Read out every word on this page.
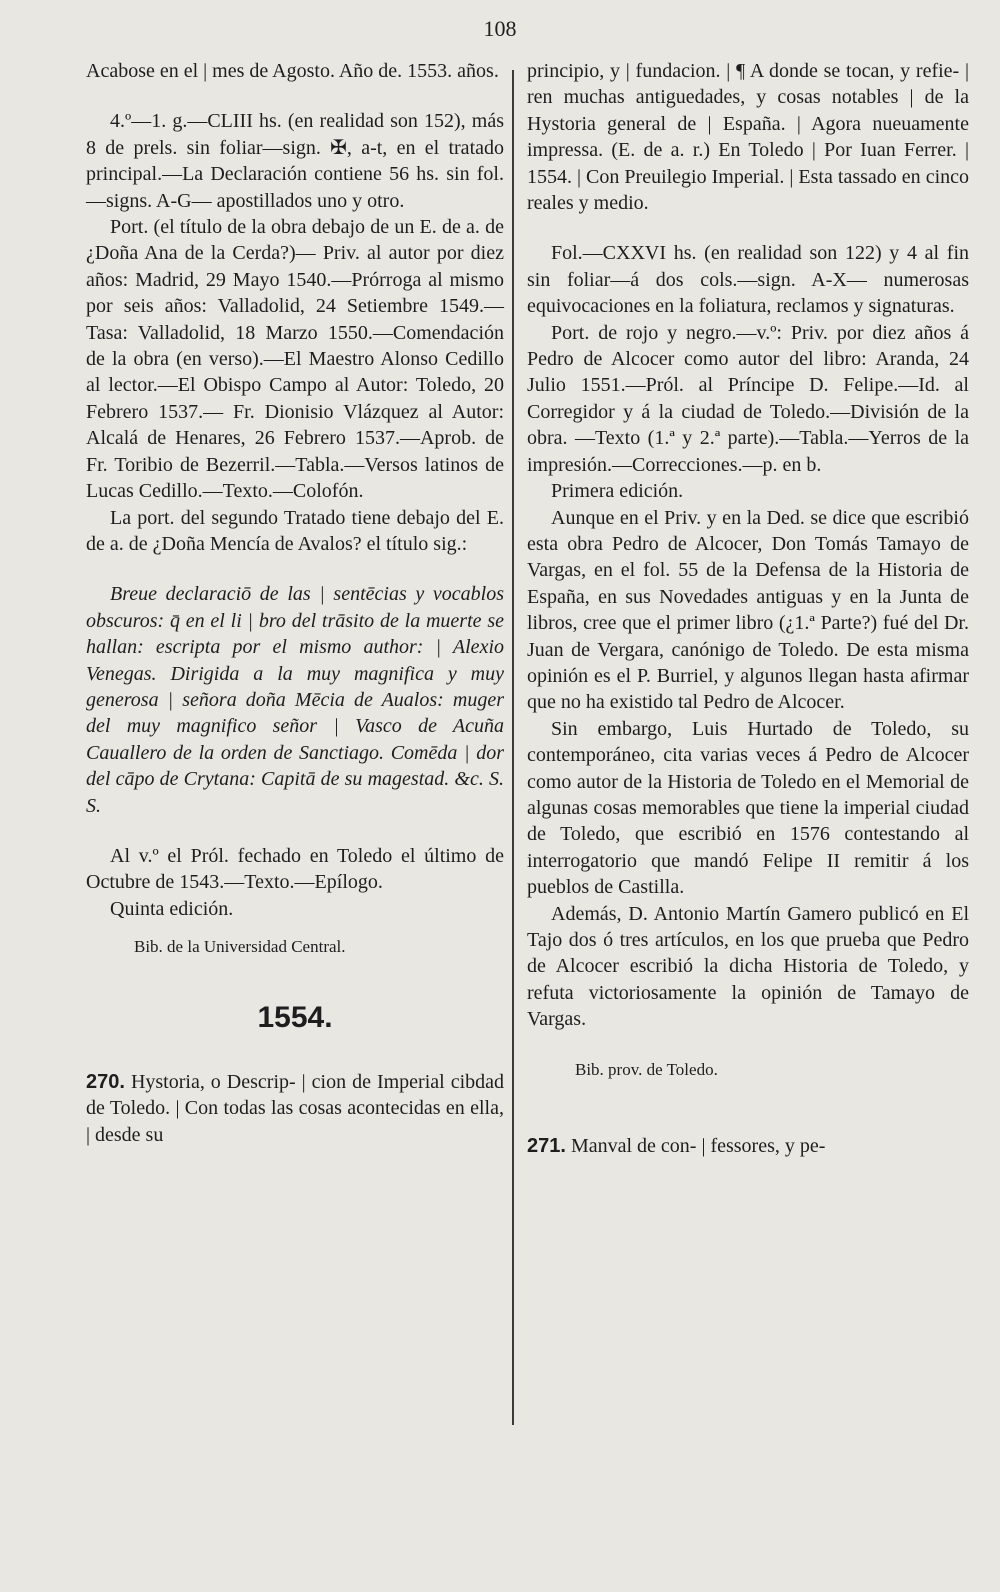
108

Acabose en el | mes de Agosto. Año de. 1553. años.

4.º—1. g.—CLIII hs. (en realidad son 152), más 8 de prels. sin foliar—sign. ✠, a-t, en el tratado principal.—La Declaración contiene 56 hs. sin fol.—signs. A-G— apostillados uno y otro.

Port. (el título de la obra debajo de un E. de a. de ¿Doña Ana de la Cerda?)— Priv. al autor por diez años: Madrid, 29 Mayo 1540.—Prórroga al mismo por seis años: Valladolid, 24 Setiembre 1549.—Tasa: Valladolid, 18 Marzo 1550.—Comendación de la obra (en verso).—El Maestro Alonso Cedillo al lector.—El Obispo Campo al Autor: Toledo, 20 Febrero 1537.— Fr. Dionisio Vlázquez al Autor: Alcalá de Henares, 26 Febrero 1537.—Aprob. de Fr. Toribio de Bezerril.—Tabla.—Versos latinos de Lucas Cedillo.—Texto.—Colofón.

La port. del segundo Tratado tiene debajo del E. de a. de ¿Doña Mencía de Avalos? el título sig.:

Breue declaraciō de las | sentēcias y vocablos obscuros: q̄ en el li | bro del trāsito de la muerte se hallan: escripta por el mismo author: | Alexio Venegas. Dirigida a la muy magnifica y muy generosa | señora doña Mēcia de Aualos: muger del muy magnifico señor | Vasco de Acuña Cauallero de la orden de Sanctiago. Comēda | dor del cāpo de Crytana: Capitā de su magestad. &c. S. S.

Al v.º el Pról. fechado en Toledo el último de Octubre de 1543.—Texto.—Epílogo.

Quinta edición.

Bib. de la Universidad Central.

1554.

270. Hystoria, o Descrip- | cion de Imperial cibdad de Toledo. | Con todas las cosas acontecidas en ella, | desde su

principio, y | fundacion. | ¶ A donde se tocan, y refie- | ren muchas antiguedades, y cosas notables | de la Hystoria general de | España. | Agora nueuamente impressa. (E. de a. r.) En Toledo | Por Iuan Ferrer. | 1554. | Con Preuilegio Imperial. | Esta tassado en cinco reales y medio.

Fol.—CXXVI hs. (en realidad son 122) y 4 al fin sin foliar—á dos cols.—sign. A-X— numerosas equivocaciones en la foliatura, reclamos y signaturas.

Port. de rojo y negro.—v.º: Priv. por diez años á Pedro de Alcocer como autor del libro: Aranda, 24 Julio 1551.—Pról. al Príncipe D. Felipe.—Id. al Corregidor y á la ciudad de Toledo.—División de la obra. —Texto (1.ª y 2.ª parte).—Tabla.—Yerros de la impresión.—Correcciones.—p. en b.

Primera edición.

Aunque en el Priv. y en la Ded. se dice que escribió esta obra Pedro de Alcocer, Don Tomás Tamayo de Vargas, en el fol. 55 de la Defensa de la Historia de España, en sus Novedades antiguas y en la Junta de libros, cree que el primer libro (¿1.ª Parte?) fué del Dr. Juan de Vergara, canónigo de Toledo. De esta misma opinión es el P. Burriel, y algunos llegan hasta afirmar que no ha existido tal Pedro de Alcocer.

Sin embargo, Luis Hurtado de Toledo, su contemporáneo, cita varias veces á Pedro de Alcocer como autor de la Historia de Toledo en el Memorial de algunas cosas memorables que tiene la imperial ciudad de Toledo, que escribió en 1576 contestando al interrogatorio que mandó Felipe II remitir á los pueblos de Castilla.

Además, D. Antonio Martín Gamero publicó en El Tajo dos ó tres artículos, en los que prueba que Pedro de Alcocer escribió la dicha Historia de Toledo, y refuta victoriosamente la opinión de Tamayo de Vargas.

Bib. prov. de Toledo.

271. Manval de con- | fessores, y pe-
